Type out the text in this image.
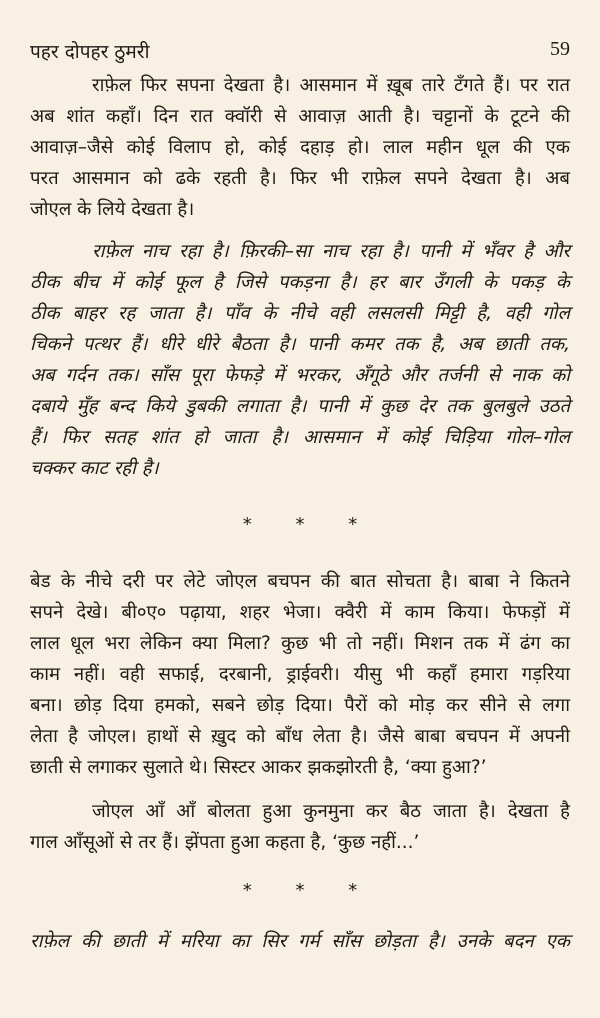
पहर दोपहर ठुमरी	59
राफ़ेल फिर सपना देखता है। आसमान में ख़ूब तारे टँगते हैं। पर रात
अब शांत कहाँ। दिन रात क्वॉरी से आवाज़ आती है। चट्टानों के टूटने की
आवाज़–जैसे कोई विलाप हो, कोई दहाड़ हो। लाल महीन धूल की एक
परत आसमान को ढके रहती है। फिर भी राफ़ेल सपने देखता है। अब
जोएल के लिये देखता है।
राफ़ेल नाच रहा है। फ़िरकी–सा नाच रहा है। पानी में भँवर है और
ठीक बीच में कोई फूल है जिसे पकड़ना है। हर बार उँगली के पकड़ के
ठीक बाहर रह जाता है। पाँव के नीचे वही लसलसी मिट्टी है, वही गोल
चिकने पत्थर हैं। धीरे धीरे बैठता है। पानी कमर तक है, अब छाती तक,
अब गर्दन तक। साँस पूरा फेफड़े में भरकर, अँगूठे और तर्जनी से नाक को
दबाये मुँह बन्द किये डुबकी लगाता है। पानी में कुछ देर तक बुलबुले उठते
हैं। फिर सतह शांत हो जाता है। आसमान में कोई चिड़िया गोल–गोल
चक्कर काट रही है।
* * *
बेड के नीचे दरी पर लेटे जोएल बचपन की बात सोचता है। बाबा ने कितने
सपने देखे। बी०ए० पढ़ाया, शहर भेजा। क्वैरी में काम किया। फेफड़ों में
लाल धूल भरा लेकिन क्या मिला? कुछ भी तो नहीं। मिशन तक में ढंग का
काम नहीं। वही सफाई, दरबानी, ड्राईवरी। यीसु भी कहाँ हमारा गड़रिया
बना। छोड़ दिया हमको, सबने छोड़ दिया। पैरों को मोड़ कर सीने से लगा
लेता है जोएल। हाथों से ख़ुद को बाँध लेता है। जैसे बाबा बचपन में अपनी
छाती से लगाकर सुलाते थे। सिस्टर आकर झकझोरती है, ‘क्या हुआ?’
जोएल आँ आँ बोलता हुआ कुनमुना कर बैठ जाता है। देखता है
गाल आँसूओं से तर हैं। झेंपता हुआ कहता है, ‘कुछ नहीं...’
* * *
राफ़ेल की छाती में मरिया का सिर गर्म साँस छोड़ता है। उनके बदन एक
